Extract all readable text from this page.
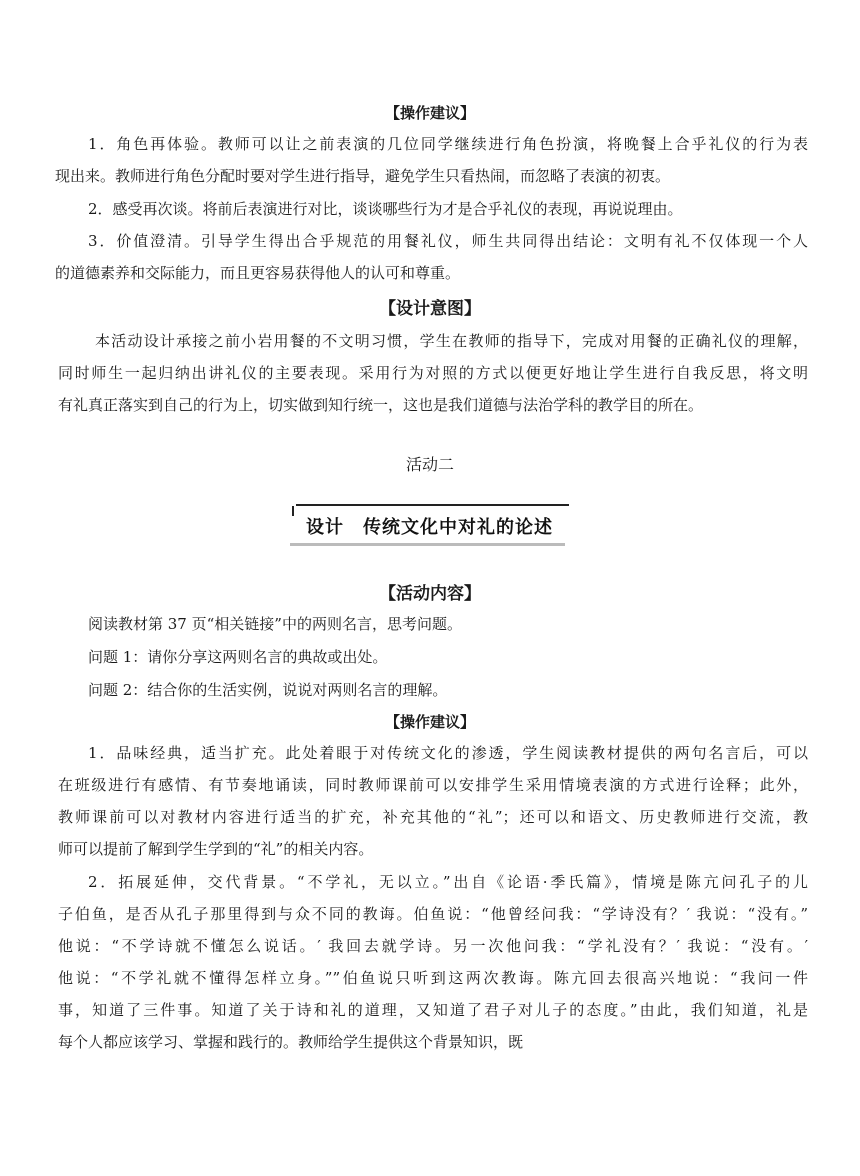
【操作建议】
1．角色再体验。教师可以让之前表演的几位同学继续进行角色扮演，将晚餐上合乎礼仪的行为表
现出来。教师进行角色分配时要对学生进行指导，避免学生只看热闹，而忽略了表演的初衷。
2．感受再次谈。将前后表演进行对比，谈谈哪些行为才是合乎礼仪的表现，再说说理由。
3．价值澄清。引导学生得出合乎规范的用餐礼仪，师生共同得出结论：文明有礼不仅体现一个人
的道德素养和交际能力，而且更容易获得他人的认可和尊重。
【设计意图】
本活动设计承接之前小岩用餐的不文明习惯，学生在教师的指导下，完成对用餐的正确礼仪的理解，
同时师生一起归纳出讲礼仪的主要表现。采用行为对照的方式以便更好地让学生进行自我反思，将文明
有礼真正落实到自己的行为上，切实做到知行统一，这也是我们道德与法治学科的教学目的所在。
活动二
设计　传统文化中对礼的论述
【活动内容】
阅读教材第 37 页“相关链接”中的两则名言，思考问题。
问题 1：请你分享这两则名言的典故或出处。
问题 2：结合你的生活实例，说说对两则名言的理解。
【操作建议】
1．品味经典，适当扩充。此处着眼于对传统文化的渗透，学生阅读教材提供的两句名言后，可以
在班级进行有感情、有节奏地诵读，同时教师课前可以安排学生采用情境表演的方式进行诠释；此外，
教师课前可以对教材内容进行适当的扩充，补充其他的“礼”；还可以和语文、历史教师进行交流，教
师可以提前了解到学生学到的“礼”的相关内容。
2．拓展延伸，交代背景。“不学礼，无以立。”出自《论语·季氏篇》，情境是陈亢问孔子的儿
子伯鱼，是否从孔子那里得到与众不同的教诲。伯鱼说：“他曾经问我：“学诗没有？′ 我说：“没有。”
他说：“不学诗就不懂怎么说话。′ 我回去就学诗。另一次他问我：“学礼没有？′ 我说：“没有。′
他说：“不学礼就不懂得怎样立身。””伯鱼说只听到这两次教诲。陈亢回去很高兴地说：“我问一件
事，知道了三件事。知道了关于诗和礼的道理，又知道了君子对儿子的态度。”由此，我们知道，礼是
每个人都应该学习、掌握和践行的。教师给学生提供这个背景知识，既
